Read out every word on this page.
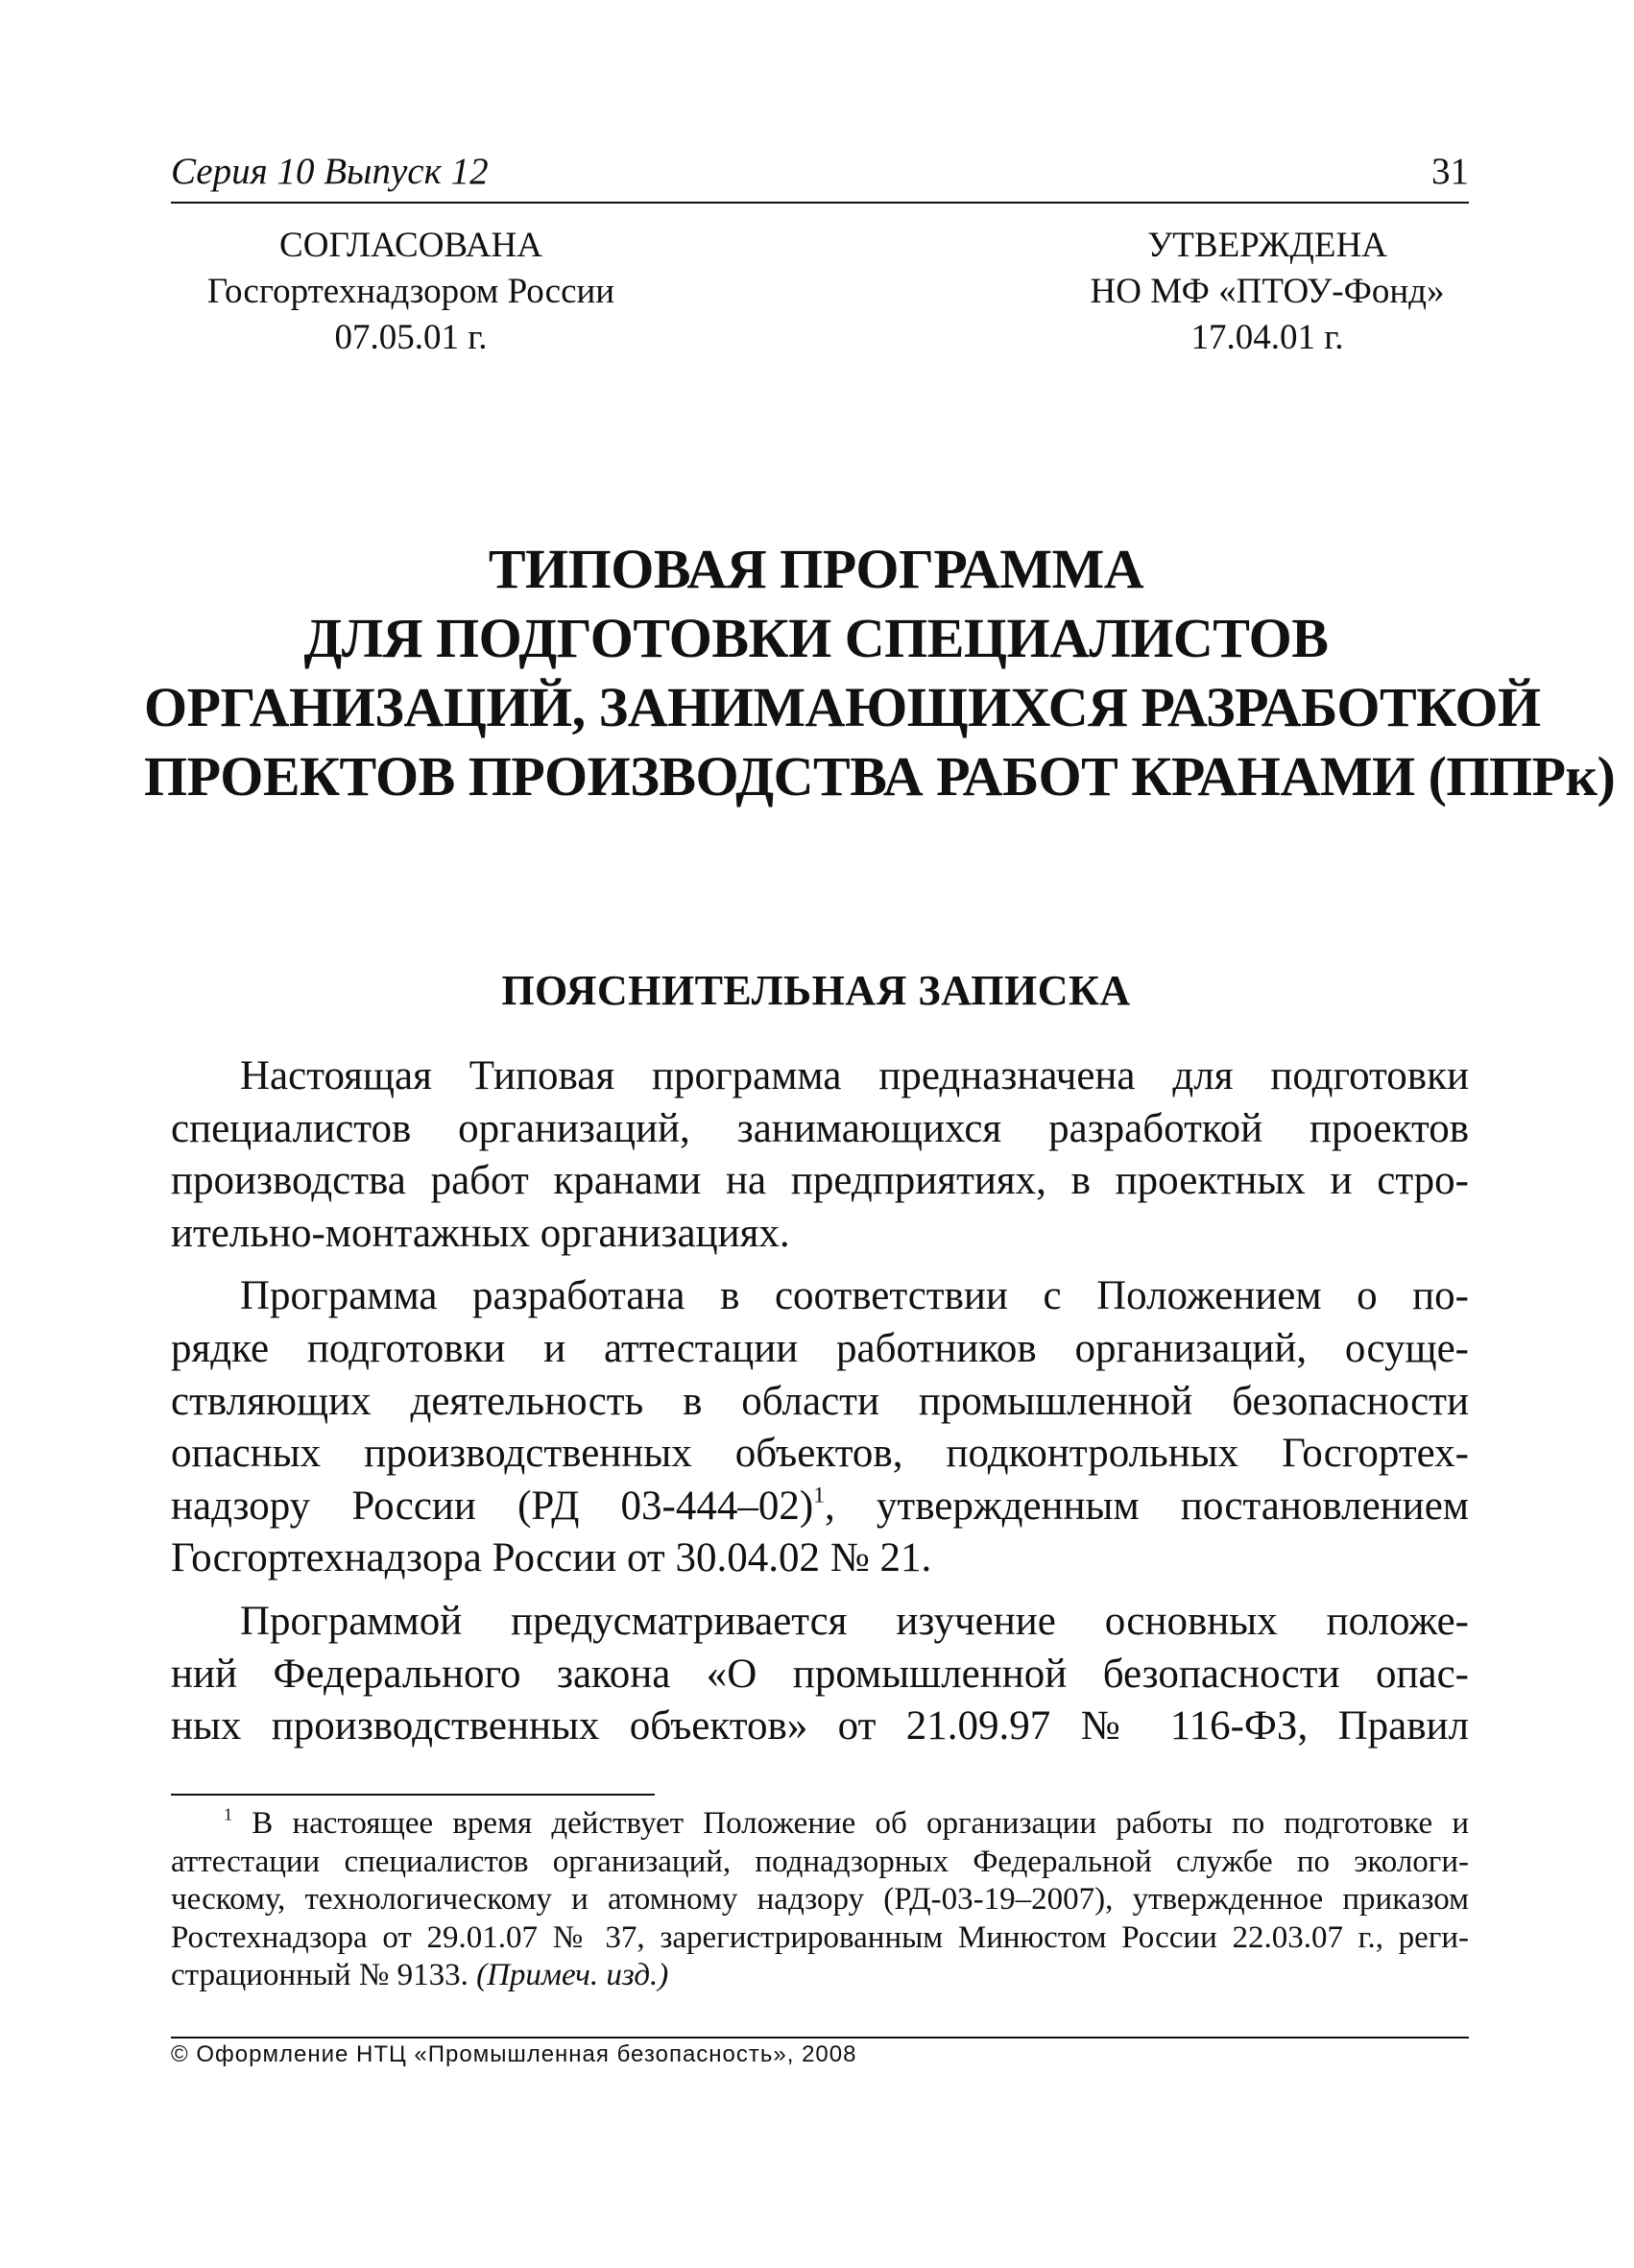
Серия 10 Выпуск 12	31
СОГЛАСОВАНА
Госгортехнадзором России
07.05.01 г.
УТВЕРЖДЕНА
НО МФ «ПТОУ-Фонд»
17.04.01 г.
ТИПОВАЯ ПРОГРАММА
ДЛЯ ПОДГОТОВКИ СПЕЦИАЛИСТОВ
ОРГАНИЗАЦИЙ, ЗАНИМАЮЩИХСЯ РАЗРАБОТКОЙ
ПРОЕКТОВ ПРОИЗВОДСТВА РАБОТ КРАНАМИ (ППРк)
ПОЯСНИТЕЛЬНАЯ ЗАПИСКА

Настоящая Типовая программа предназначена для подготовки
специалистов организаций, занимающихся разработкой проектов
производства работ кранами на предприятиях, в проектных и стро-
ительно-монтажных организациях.

Программа разработана в соответствии с Положением о по-
рядке подготовки и аттестации работников организаций, осуще-
ствляющих деятельность в области промышленной безопасности
опасных производственных объектов, подконтрольных Госгортех-
надзору России (РД 03-444–02)$^1$, утвержденным постановлением
Госгортехнадзора России от 30.04.02 № 21.

Программой предусматривается изучение основных положе-
ний Федерального закона «О промышленной безопасности опас-
ных производственных объектов» от 21.09.97 № 116-ФЗ, Правил

$^1$ В настоящее время действует Положение об организации работы по подготовке и
аттестации специалистов организаций, поднадзорных Федеральной службе по экологи-
ческому, технологическому и атомному надзору (РД-03-19–2007), утвержденное приказом
Ростехнадзора от 29.01.07 № 37, зарегистрированным Минюстом России 22.03.07 г., реги-
страционный № 9133. (Примеч. изд.)
© Оформление НТЦ «Промышленная безопасность», 2008
